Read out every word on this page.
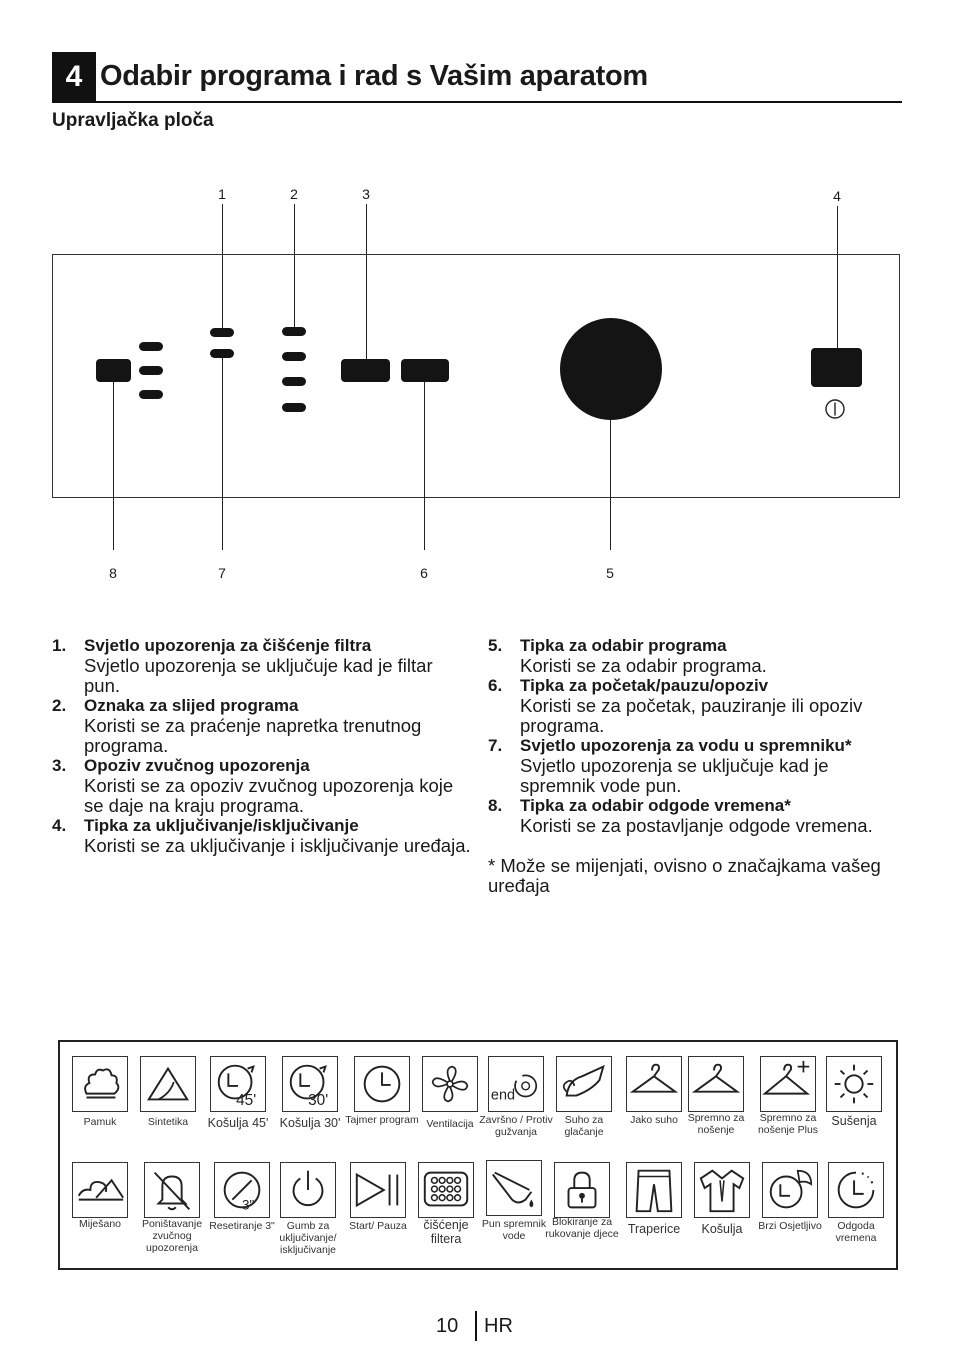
4 Odabir programa i rad s Vašim aparatom
Upravljačka ploča
1	2	3	4
8	7	6	5
1. Svjetlo upozorenja za čišćenje filtra
Svjetlo upozorenja se uključuje kad je filtar pun.
2. Oznaka za slijed programa
Koristi se za praćenje napretka trenutnog programa.
3. Opoziv zvučnog upozorenja
Koristi se za opoziv zvučnog upozorenja koje se daje na kraju programa.
4. Tipka za uključivanje/isključivanje
Koristi se za uključivanje i isključivanje uređaja.
5. Tipka za odabir programa
Koristi se za odabir programa.
6. Tipka za početak/pauzu/opoziv
Koristi se za početak, pauziranje ili opoziv programa.
7. Svjetlo upozorenja za vodu u spremniku*
Svjetlo upozorenja se uključuje kad je spremnik vode pun.
8. Tipka za odabir odgode vremena*
Koristi se za postavljanje odgode vremena.
* Može se mijenjati, ovisno o značajkama vašeg uređaja
Pamuk	Sintetika
45'
Košulja 45'
30'
Košulja 30' Tajmer program Ventilacija
end
Završno / Protiv gužvanja
Suho za glačanje
Jako suho Spremno za nošenje
Spremno za nošenje Plus
Sušenja
Miješano	Poništavanje zvučnog upozorenja
3"
Resetiranje 3"	Gumb za uključivanje/ isključivanje
Start/ Pauza	čišćenje filtera
Pun spremnik vode
Blokiranje za rukovanje djece Traperice	Košulja	Brzi Osjetljivo	Odgoda vremena
10 HR
